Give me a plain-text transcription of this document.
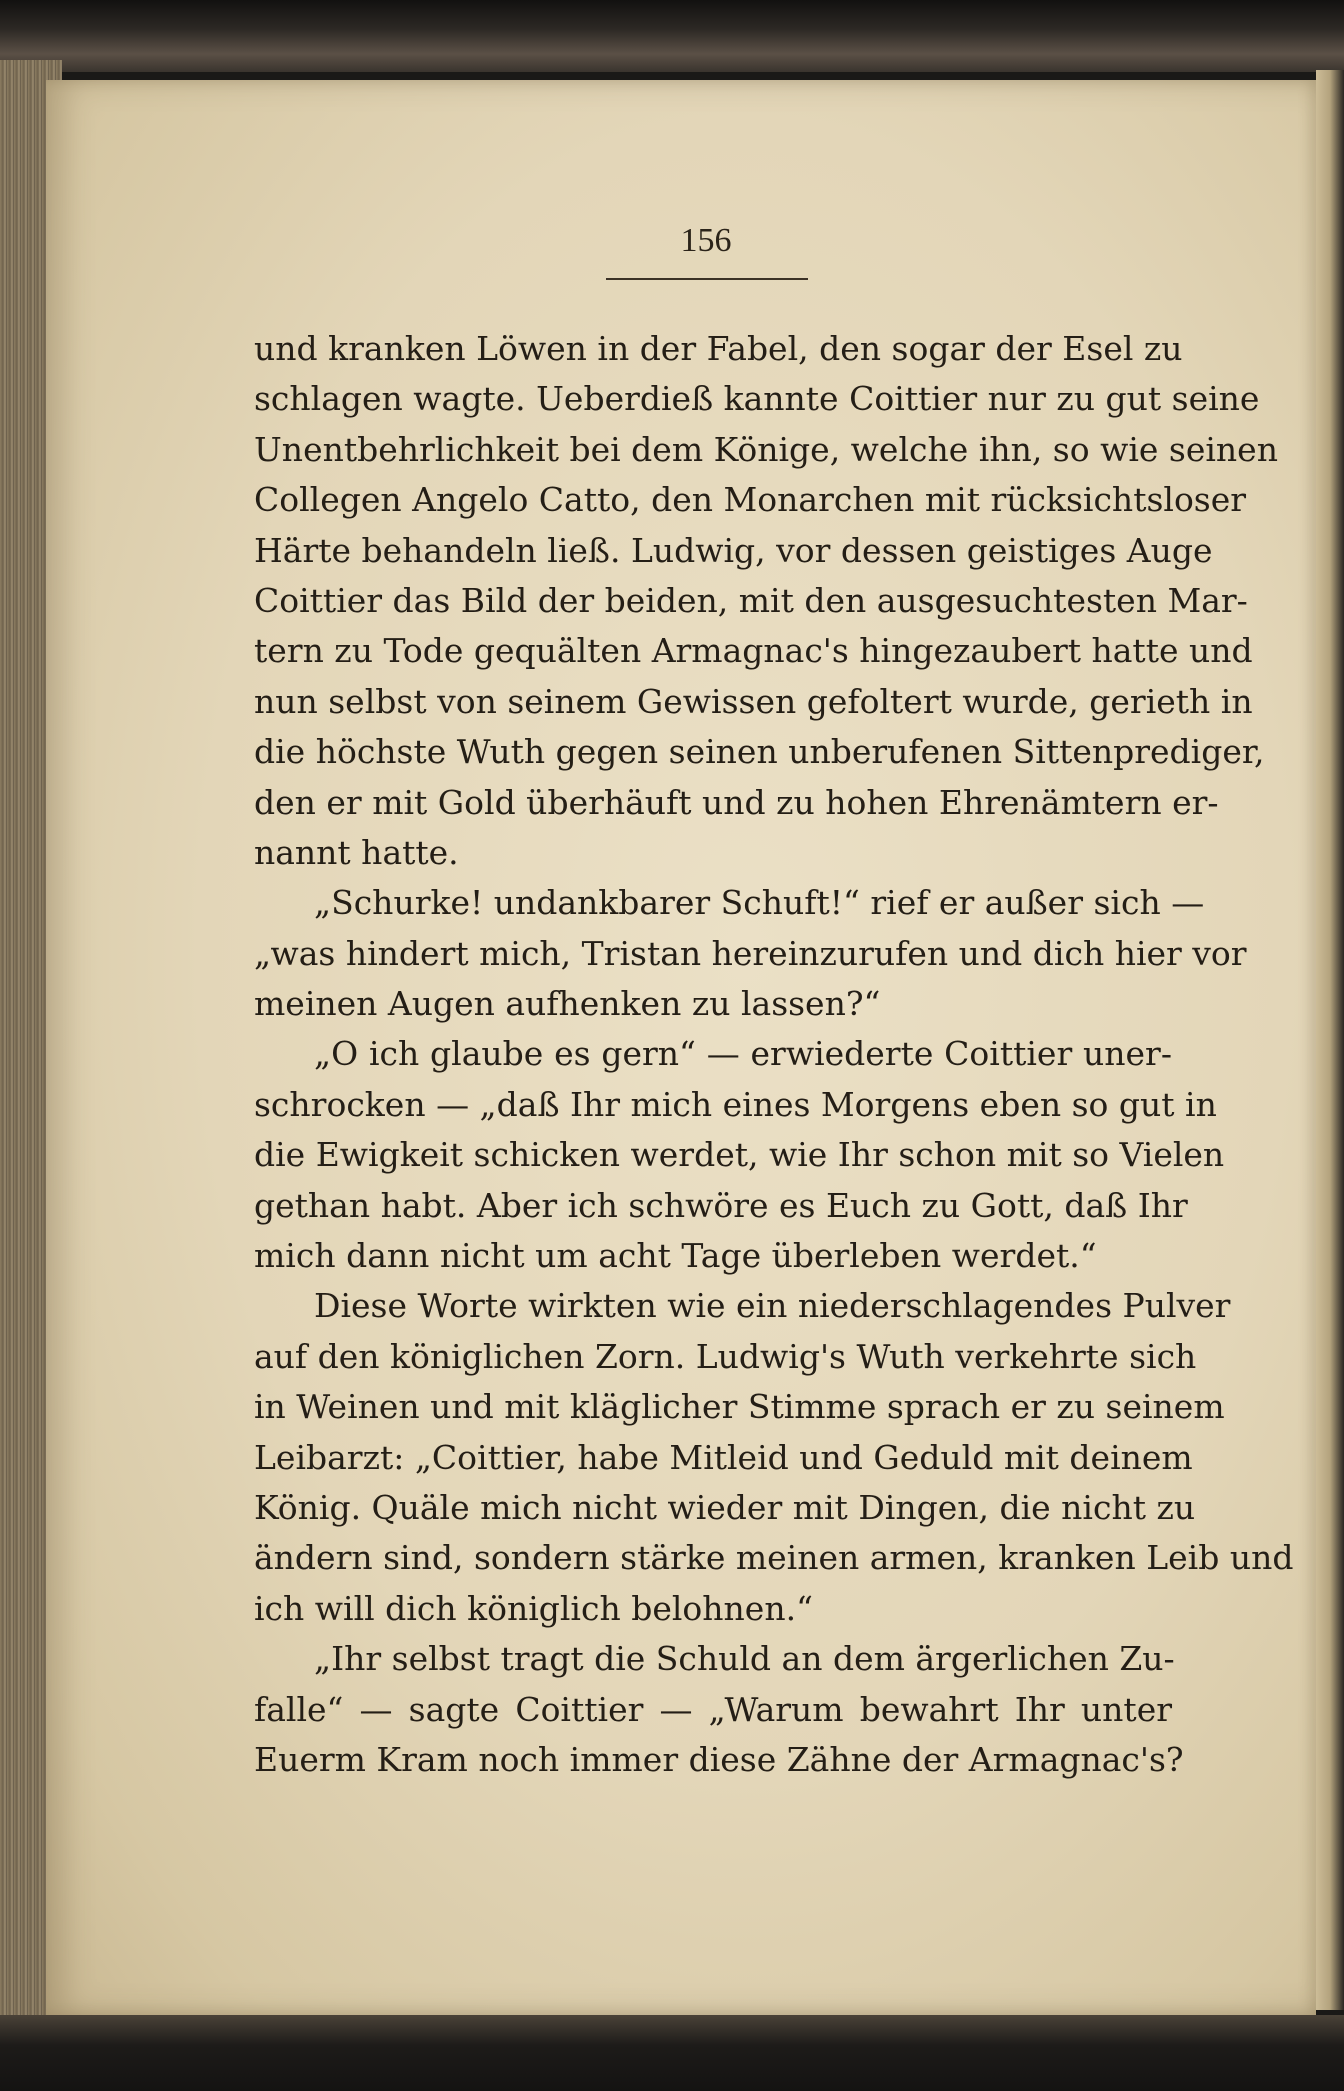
156
und kranken Löwen in der Fabel, den sogar der Esel zu
schlagen wagte. Ueberdieß kannte Coittier nur zu gut seine
Unentbehrlichkeit bei dem Könige, welche ihn, so wie seinen
Collegen Angelo Catto, den Monarchen mit rücksichtsloser
Härte behandeln ließ. Ludwig, vor dessen geistiges Auge
Coittier das Bild der beiden, mit den ausgesuchtesten Mar-
tern zu Tode gequälten Armagnac's hingezaubert hatte und
nun selbst von seinem Gewissen gefoltert wurde, gerieth in
die höchste Wuth gegen seinen unberufenen Sittenprediger,
den er mit Gold überhäuft und zu hohen Ehrenämtern er-
nannt hatte.
„Schurke! undankbarer Schuft!“ rief er außer sich —
„was hindert mich, Tristan hereinzurufen und dich hier vor
meinen Augen aufhenken zu lassen?“
„O ich glaube es gern“ — erwiederte Coittier uner-
schrocken — „daß Ihr mich eines Morgens eben so gut in
die Ewigkeit schicken werdet, wie Ihr schon mit so Vielen
gethan habt. Aber ich schwöre es Euch zu Gott, daß Ihr
mich dann nicht um acht Tage überleben werdet.“
Diese Worte wirkten wie ein niederschlagendes Pulver
auf den königlichen Zorn. Ludwig's Wuth verkehrte sich
in Weinen und mit kläglicher Stimme sprach er zu seinem
Leibarzt: „Coittier, habe Mitleid und Geduld mit deinem
König. Quäle mich nicht wieder mit Dingen, die nicht zu
ändern sind, sondern stärke meinen armen, kranken Leib und
ich will dich königlich belohnen.“
„Ihr selbst tragt die Schuld an dem ärgerlichen Zu-
falle“ — sagte Coittier — „Warum bewahrt Ihr unter
Euerm Kram noch immer diese Zähne der Armagnac's?
